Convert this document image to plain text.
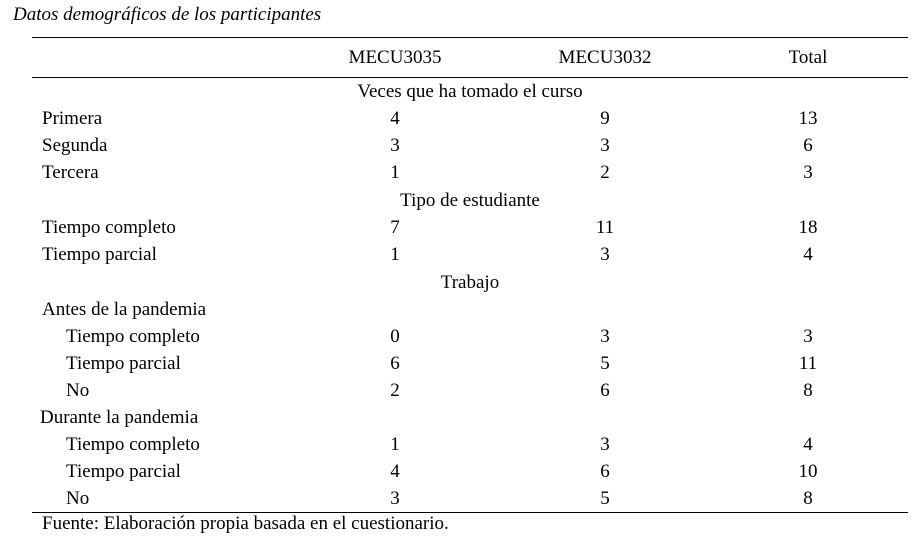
Datos demográficos de los participantes
MECU3035	MECU3032	Total
Veces que ha tomado el curso
Primera	4	9	13
Segunda	3	3	6
Tercera	1	2	3
Tipo de estudiante
Tiempo completo	7	11	18
Tiempo parcial	1	3	4
Trabajo
Antes de la pandemia
Tiempo completo	0	3	3
Tiempo parcial	6	5	11
No	2	6	8
Durante la pandemia
Tiempo completo	1	3	4
Tiempo parcial	4	6	10
No	3	5	8
Fuente: Elaboración propia basada en el cuestionario.
